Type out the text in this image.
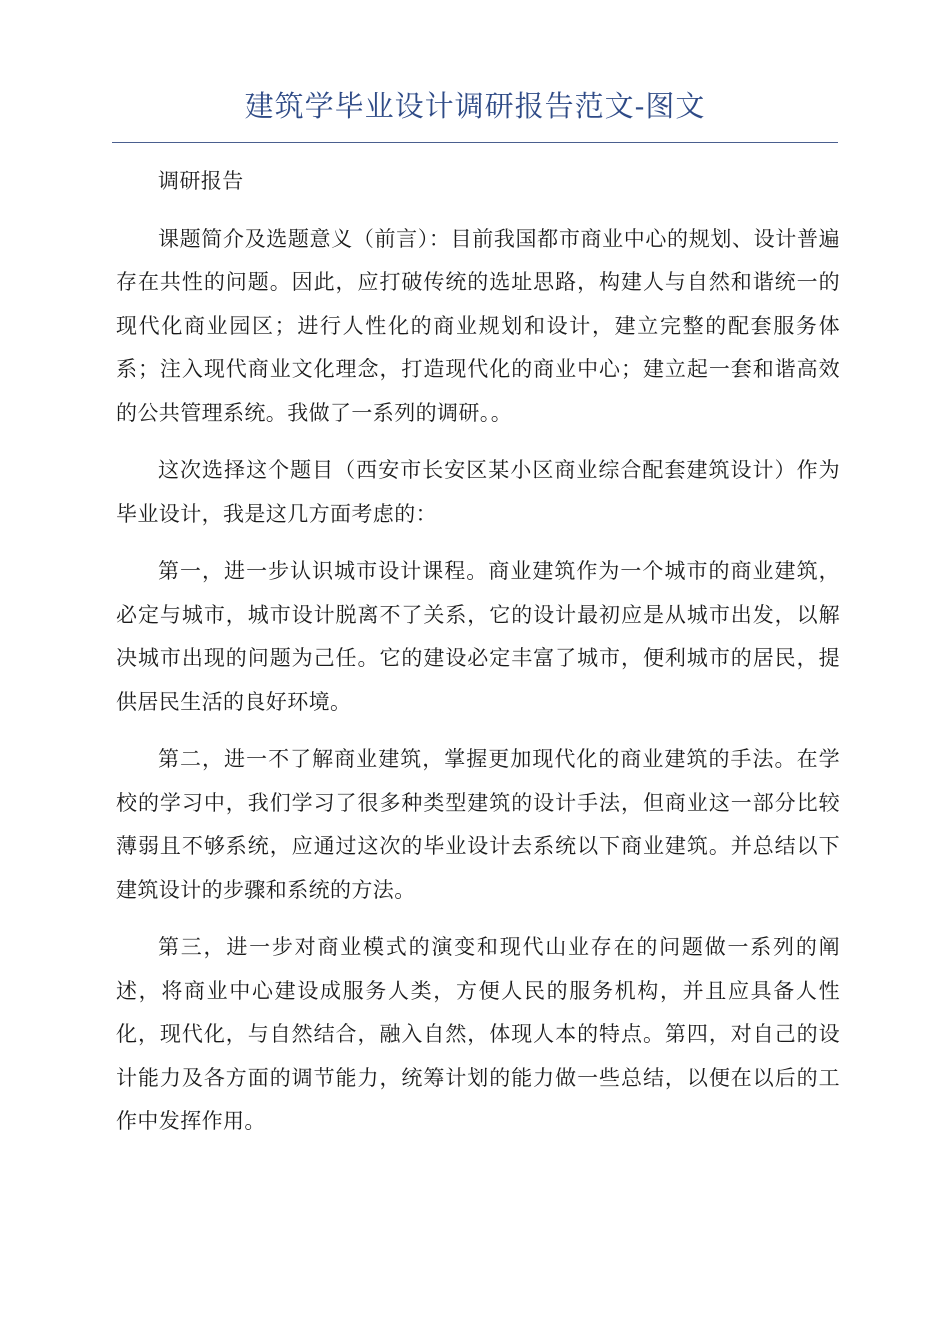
建筑学毕业设计调研报告范文-图文

调研报告

课题简介及选题意义（前言）：目前我国都市商业中心的规划、设计普遍存在共性的问题。因此，应打破传统的选址思路，构建人与自然和谐统一的现代化商业园区；进行人性化的商业规划和设计，建立完整的配套服务体系；注入现代商业文化理念，打造现代化的商业中心；建立起一套和谐高效的公共管理系统。我做了一系列的调研。。

这次选择这个题目（西安市长安区某小区商业综合配套建筑设计）作为毕业设计，我是这几方面考虑的：

第一，进一步认识城市设计课程。商业建筑作为一个城市的商业建筑，必定与城市，城市设计脱离不了关系，它的设计最初应是从城市出发，以解决城市出现的问题为己任。它的建设必定丰富了城市，便利城市的居民，提供居民生活的良好环境。

第二，进一不了解商业建筑，掌握更加现代化的商业建筑的手法。在学校的学习中，我们学习了很多种类型建筑的设计手法，但商业这一部分比较薄弱且不够系统，应通过这次的毕业设计去系统以下商业建筑。并总结以下建筑设计的步骤和系统的方法。

第三，进一步对商业模式的演变和现代山业存在的问题做一系列的阐述，将商业中心建设成服务人类，方便人民的服务机构，并且应具备人性化，现代化，与自然结合，融入自然，体现人本的特点。第四，对自己的设计能力及各方面的调节能力，统筹计划的能力做一些总结，以便在以后的工作中发挥作用。
